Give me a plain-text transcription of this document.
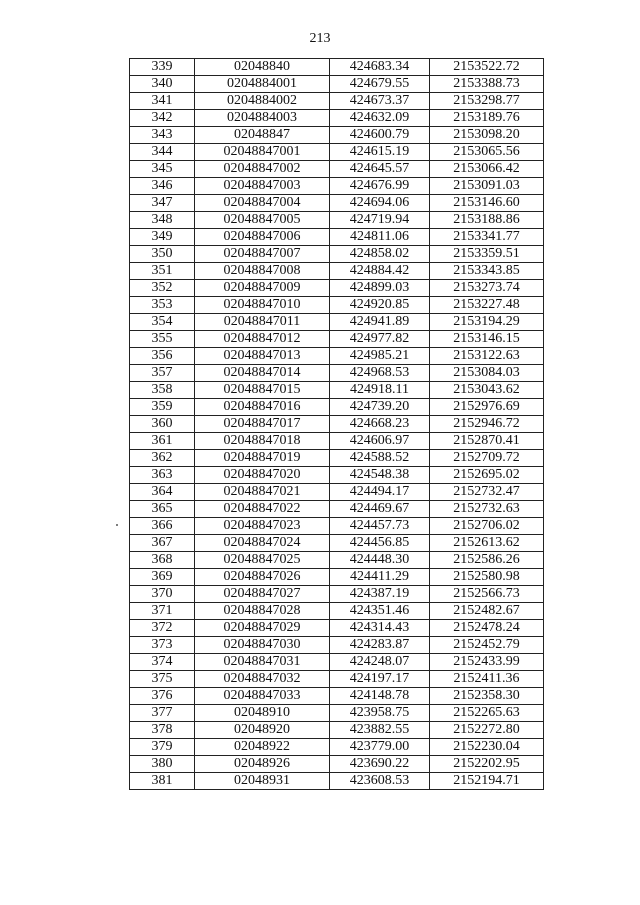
213
339	02048840	424683.34	2153522.72
340	0204884001	424679.55	2153388.73
341	0204884002	424673.37	2153298.77
342	0204884003	424632.09	2153189.76
343	02048847	424600.79	2153098.20
344	02048847001	424615.19	2153065.56
345	02048847002	424645.57	2153066.42
346	02048847003	424676.99	2153091.03
347	02048847004	424694.06	2153146.60
348	02048847005	424719.94	2153188.86
349	02048847006	424811.06	2153341.77
350	02048847007	424858.02	2153359.51
351	02048847008	424884.42	2153343.85
352	02048847009	424899.03	2153273.74
353	02048847010	424920.85	2153227.48
354	02048847011	424941.89	2153194.29
355	02048847012	424977.82	2153146.15
356	02048847013	424985.21	2153122.63
357	02048847014	424968.53	2153084.03
358	02048847015	424918.11	2153043.62
359	02048847016	424739.20	2152976.69
360	02048847017	424668.23	2152946.72
361	02048847018	424606.97	2152870.41
362	02048847019	424588.52	2152709.72
363	02048847020	424548.38	2152695.02
364	02048847021	424494.17	2152732.47
365	02048847022	424469.67	2152732.63
366	02048847023	424457.73	2152706.02
367	02048847024	424456.85	2152613.62
368	02048847025	424448.30	2152586.26
369	02048847026	424411.29	2152580.98
370	02048847027	424387.19	2152566.73
371	02048847028	424351.46	2152482.67
372	02048847029	424314.43	2152478.24
373	02048847030	424283.87	2152452.79
374	02048847031	424248.07	2152433.99
375	02048847032	424197.17	2152411.36
376	02048847033	424148.78	2152358.30
377	02048910	423958.75	2152265.63
378	02048920	423882.55	2152272.80
379	02048922	423779.00	2152230.04
380	02048926	423690.22	2152202.95
381	02048931	423608.53	2152194.71
